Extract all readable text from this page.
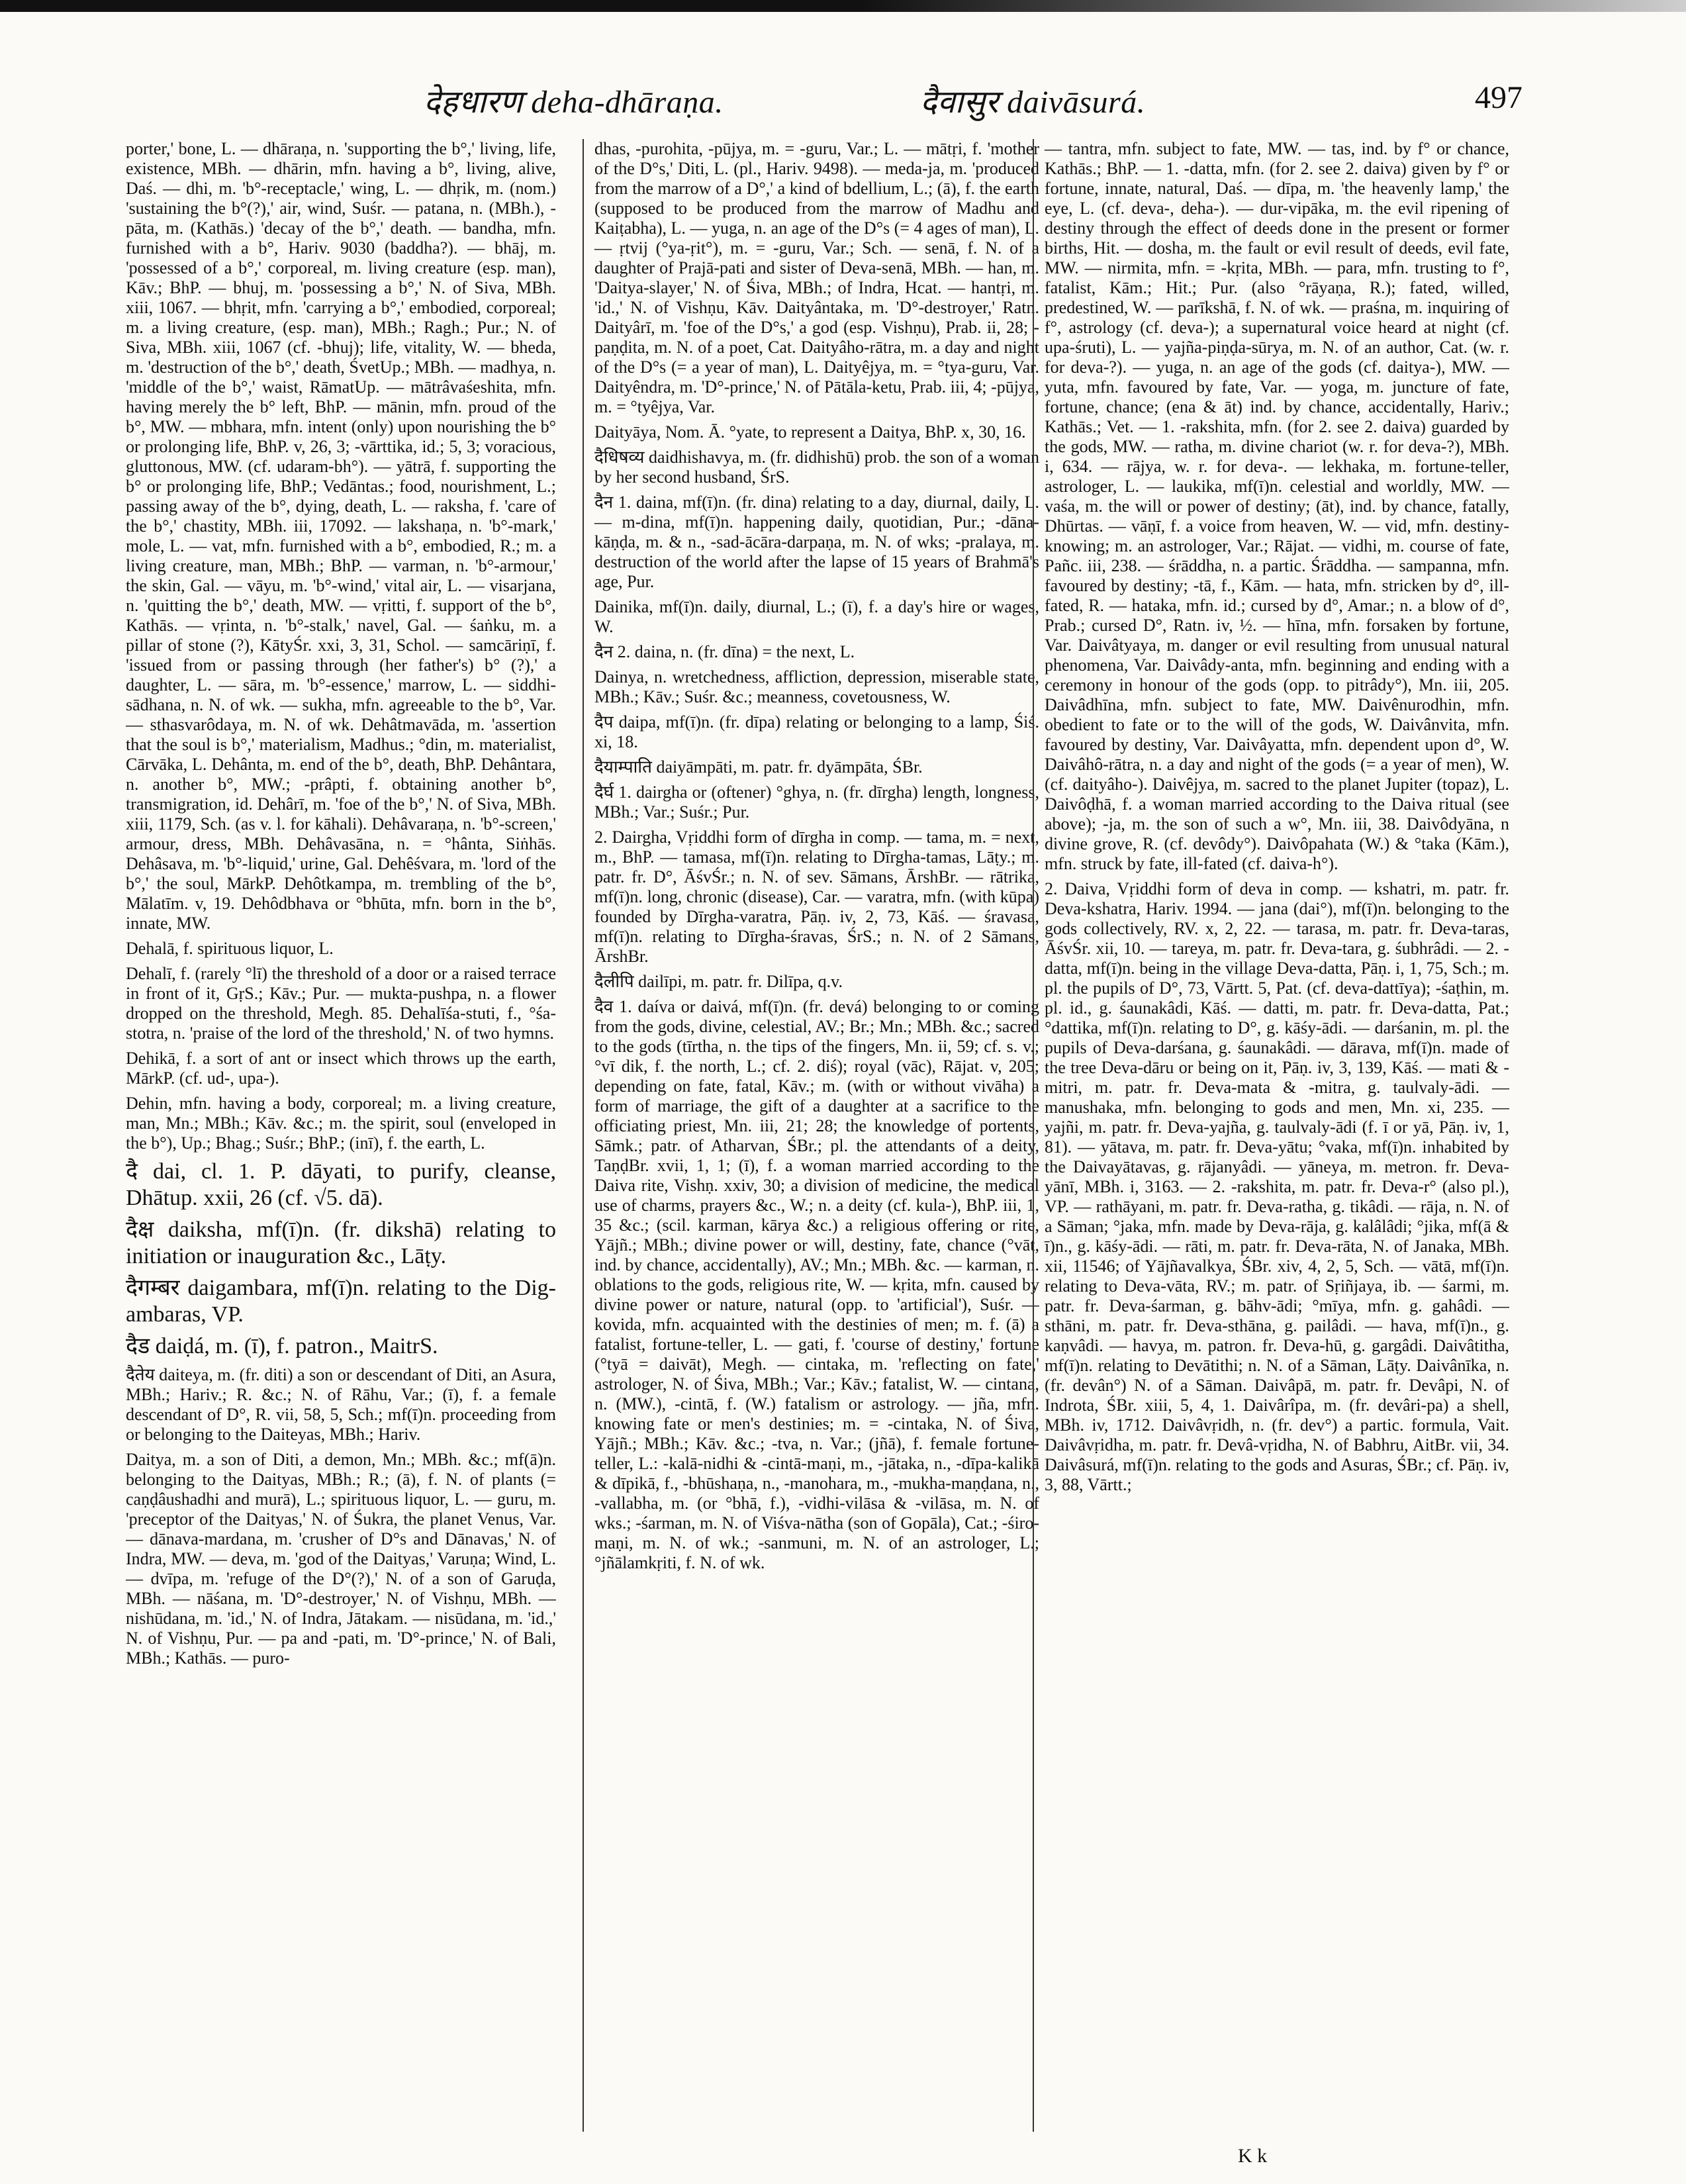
देहधारण deha-dhāraṇa.	दैवासुर daivāsurá.	497

porter,' bone, L. — dhāraṇa, n. 'supporting the b°,' living, life, existence, MBh. — dhārin, mfn. having a b°, living, alive, Daś. — dhi, m. 'b°-receptacle,' wing, L. — dhṛik, m. (nom.) 'sustaining the b°(?),' air, wind, Suśr. — patana, n. (MBh.), -pāta, m. (Kathās.) 'decay of the b°,' death. — bandha, mfn. furnished with a b°, Hariv. 9030 (baddha?). — bhāj, m. 'possessed of a b°,' corporeal, m. living creature (esp. man), Kāv.; BhP. — bhuj, m. 'possessing a b°,' N. of Siva, MBh. xiii, 1067. — bhṛit, mfn. 'carrying a b°,' embodied, corporeal; m. a living creature, (esp. man), MBh.; Ragh.; Pur.; N. of Siva, MBh. xiii, 1067 (cf. -bhuj); life, vitality, W. — bheda, m. 'destruction of the b°,' death, ŚvetUp.; MBh. — madhya, n. 'middle of the b°,' waist, RāmatUp. — mātrâvaśeshita, mfn. having merely the b° left, BhP. — mānin, mfn. proud of the b°, MW. — mbhara, mfn. intent (only) upon nourishing the b° or prolonging life, BhP. v, 26, 3; -vārttika, id.; 5, 3; voracious, gluttonous, MW. (cf. udaram-bh°). — yātrā, f. supporting the b° or prolonging life, BhP.; Vedāntas.; food, nourishment, L.; passing away of the b°, dying, death, L. — raksha, f. 'care of the b°,' chastity, MBh. iii, 17092. — lakshaṇa, n. 'b°-mark,' mole, L. — vat, mfn. furnished with a b°, embodied, R.; m. a living creature, man, MBh.; BhP. — varman, n. 'b°-armour,' the skin, Gal. — vāyu, m. 'b°-wind,' vital air, L. — visarjana, n. 'quitting the b°,' death, MW. — vṛitti, f. support of the b°, Kathās. — vṛinta, n. 'b°-stalk,' navel, Gal. — śaṅku, m. a pillar of stone (?), KātyŚr. xxi, 3, 31, Schol. — samcāriṇī, f. 'issued from or passing through (her father's) b° (?),' a daughter, L. — sāra, m. 'b°-essence,' marrow, L. — siddhi-sādhana, n. N. of wk. — sukha, mfn. agreeable to the b°, Var. — sthasvarôdaya, m. N. of wk. Dehâtmavāda, m. 'assertion that the soul is b°,' materialism, Madhus.; °din, m. materialist, Cārvāka, L. Dehânta, m. end of the b°, death, BhP. Dehântara, n. another b°, MW.; -prâpti, f. obtaining another b°, transmigration, id. Dehârī, m. 'foe of the b°,' N. of Siva, MBh. xiii, 1179, Sch. (as v. l. for kāhali). Dehâvaraṇa, n. 'b°-screen,' armour, dress, MBh. Dehâvasāna, n. = °hânta, Siṅhās. Dehâsava, m. 'b°-liquid,' urine, Gal. Dehêśvara, m. 'lord of the b°,' the soul, MārkP. Dehôtkampa, m. trembling of the b°, Mālatīm. v, 19. Dehôdbhava or °bhūta, mfn. born in the b°, innate, MW.

Dehalā, f. spirituous liquor, L.

Dehalī, f. (rarely °lī) the threshold of a door or a raised terrace in front of it, GṛS.; Kāv.; Pur. — mukta-pushpa, n. a flower dropped on the threshold, Megh. 85. Dehalīśa-stuti, f., °śa-stotra, n. 'praise of the lord of the threshold,' N. of two hymns.

Dehikā, f. a sort of ant or insect which throws up the earth, MārkP. (cf. ud-, upa-).

Dehin, mfn. having a body, corporeal; m. a living creature, man, Mn.; MBh.; Kāv. &c.; m. the spirit, soul (enveloped in the b°), Up.; Bhag.; Suśr.; BhP.; (inī), f. the earth, L.

दै dai, cl. 1. P. dāyati, to purify, cleanse, Dhātup. xxii, 26 (cf. √5. dā).

दैक्ष daiksha, mf(ī)n. (fr. dikshā) relating to initiation or inauguration &c., Lāṭy.

दैगम्बर daigambara, mf(ī)n. relating to the Dig-ambaras, VP.

दैड daiḍá, m. (ī), f. patron., MaitrS.

दैतेय daiteya, m. (fr. diti) a son or descendant of Diti, an Asura, MBh.; Hariv.; R. &c.; N. of Rāhu, Var.; (ī), f. a female descendant of D°, R. vii, 58, 5, Sch.; mf(ī)n. proceeding from or belonging to the Daiteyas, MBh.; Hariv.

Daitya, m. a son of Diti, a demon, Mn.; MBh. &c.; mf(ā)n. belonging to the Daityas, MBh.; R.; (ā), f. N. of plants (= caṇḍâushadhi and murā), L.; spirituous liquor, L. — guru, m. 'preceptor of the Daityas,' N. of Śukra, the planet Venus, Var. — dānava-mardana, m. 'crusher of D°s and Dānavas,' N. of Indra, MW. — deva, m. 'god of the Daityas,' Varuṇa; Wind, L. — dvīpa, m. 'refuge of the D°(?),' N. of a son of Garuḍa, MBh. — nāśana, m. 'D°-destroyer,' N. of Vishṇu, MBh. — nishūdana, m. 'id.,' N. of Indra, Jātakam. — nisūdana, m. 'id.,' N. of Vishṇu, Pur. — pa and -pati, m. 'D°-prince,' N. of Bali, MBh.; Kathās. — puro-

dhas, -purohita, -pūjya, m. = -guru, Var.; L. — mātṛi, f. 'mother of the D°s,' Diti, L. (pl., Hariv. 9498). — meda-ja, m. 'produced from the marrow of a D°,' a kind of bdellium, L.; (ā), f. the earth (supposed to be produced from the marrow of Madhu and Kaiṭabha), L. — yuga, n. an age of the D°s (= 4 ages of man), L. — ṛtvij (°ya-ṛit°), m. = -guru, Var.; Sch. — senā, f. N. of a daughter of Prajā-pati and sister of Deva-senā, MBh. — han, m. 'Daitya-slayer,' N. of Śiva, MBh.; of Indra, Hcat. — hantṛi, m. 'id.,' N. of Vishṇu, Kāv. Daityântaka, m. 'D°-destroyer,' Ratn. Daityârī, m. 'foe of the D°s,' a god (esp. Vishṇu), Prab. ii, 28; -paṇḍita, m. N. of a poet, Cat. Daityâho-rātra, m. a day and night of the D°s (= a year of man), L. Daityêjya, m. = °tya-guru, Var. Daityêndra, m. 'D°-prince,' N. of Pātāla-ketu, Prab. iii, 4; -pūjya, m. = °tyêjya, Var.

Daityāya, Nom. Ā. °yate, to represent a Daitya, BhP. x, 30, 16.

दैधिषव्य daidhishavya, m. (fr. didhishū) prob. the son of a woman by her second husband, ŚrS.

दैन 1. daina, mf(ī)n. (fr. dina) relating to a day, diurnal, daily, L. — m-dina, mf(ī)n. happening daily, quotidian, Pur.; -dāna-kāṇḍa, m. & n., -sad-ācāra-darpaṇa, m. N. of wks; -pralaya, m. destruction of the world after the lapse of 15 years of Brahmā's age, Pur.

Dainika, mf(ī)n. daily, diurnal, L.; (ī), f. a day's hire or wages, W.

दैन 2. daina, n. (fr. dīna) = the next, L.

Dainya, n. wretchedness, affliction, depression, miserable state, MBh.; Kāv.; Suśr. &c.; meanness, covetousness, W.

दैप daipa, mf(ī)n. (fr. dīpa) relating or belonging to a lamp, Śiś. xi, 18.

दैयाम्पाति daiyāmpāti, m. patr. fr. dyāmpāta, ŚBr.

दैर्घ 1. dairgha or (oftener) °ghya, n. (fr. dīrgha) length, longness, MBh.; Var.; Suśr.; Pur.

2. Dairgha, Vṛiddhi form of dīrgha in comp. — tama, m. = next, m., BhP. — tamasa, mf(ī)n. relating to Dīrgha-tamas, Lāṭy.; m. patr. fr. D°, ĀśvŚr.; n. N. of sev. Sāmans, ĀrshBr. — rātrika, mf(ī)n. long, chronic (disease), Car. — varatra, mfn. (with kūpa) founded by Dīrgha-varatra, Pāṇ. iv, 2, 73, Kāś. — śravasa, mf(ī)n. relating to Dīrgha-śravas, ŚrS.; n. N. of 2 Sāmans, ĀrshBr.

दैलीपि dailīpi, m. patr. fr. Dilīpa, q.v.

दैव 1. daíva or daivá, mf(ī)n. (fr. devá) belonging to or coming from the gods, divine, celestial, AV.; Br.; Mn.; MBh. &c.; sacred to the gods (tīrtha, n. the tips of the fingers, Mn. ii, 59; cf. s. v.; °vī dik, f. the north, L.; cf. 2. diś); royal (vāc), Rājat. v, 205; depending on fate, fatal, Kāv.; m. (with or without vivāha) a form of marriage, the gift of a daughter at a sacrifice to the officiating priest, Mn. iii, 21; 28; the knowledge of portents, Sāmk.; patr. of Atharvan, ŚBr.; pl. the attendants of a deity, TaṇḍBr. xvii, 1, 1; (ī), f. a woman married according to the Daiva rite, Vishṇ. xxiv, 30; a division of medicine, the medical use of charms, prayers &c., W.; n. a deity (cf. kula-), BhP. iii, 1, 35 &c.; (scil. karman, kārya &c.) a religious offering or rite, Yājñ.; MBh.; divine power or will, destiny, fate, chance (°vāt, ind. by chance, accidentally), AV.; Mn.; MBh. &c. — karman, n. oblations to the gods, religious rite, W. — kṛita, mfn. caused by divine power or nature, natural (opp. to 'artificial'), Suśr. — kovida, mfn. acquainted with the destinies of men; m. f. (ā) a fatalist, fortune-teller, L. — gati, f. 'course of destiny,' fortune (°tyā = daivāt), Megh. — cintaka, m. 'reflecting on fate,' astrologer, N. of Śiva, MBh.; Var.; Kāv.; fatalist, W. — cintana, n. (MW.), -cintā, f. (W.) fatalism or astrology. — jña, mfn. knowing fate or men's destinies; m. = -cintaka, N. of Śiva, Yājñ.; MBh.; Kāv. &c.; -tva, n. Var.; (jñā), f. female fortune-teller, L.: -kalā-nidhi & -cintā-maṇi, m., -jātaka, n., -dīpa-kalikā & dīpikā, f., -bhūshaṇa, n., -manohara, m., -mukha-maṇḍana, n., -vallabha, m. (or °bhā, f.), -vidhi-vilāsa & -vilāsa, m. N. of wks.; -śarman, m. N. of Viśva-nātha (son of Gopāla), Cat.; -śiro-maṇi, m. N. of wk.; -sanmuni, m. N. of an astrologer, L.; °jñālamkṛiti, f. N. of wk.

— tantra, mfn. subject to fate, MW. — tas, ind. by f° or chance, Kathās.; BhP. — 1. -datta, mfn. (for 2. see 2. daiva) given by f° or fortune, innate, natural, Daś. — dīpa, m. 'the heavenly lamp,' the eye, L. (cf. deva-, deha-). — dur-vipāka, m. the evil ripening of destiny through the effect of deeds done in the present or former births, Hit. — dosha, m. the fault or evil result of deeds, evil fate, MW. — nirmita, mfn. = -kṛita, MBh. — para, mfn. trusting to f°, fatalist, Kām.; Hit.; Pur. (also °rāyaṇa, R.); fated, willed, predestined, W. — parīkshā, f. N. of wk. — praśna, m. inquiring of f°, astrology (cf. deva-); a supernatural voice heard at night (cf. upa-śruti), L. — yajña-piṇḍa-sūrya, m. N. of an author, Cat. (w. r. for deva-?). — yuga, n. an age of the gods (cf. daitya-), MW. — yuta, mfn. favoured by fate, Var. — yoga, m. juncture of fate, fortune, chance; (ena & āt) ind. by chance, accidentally, Hariv.; Kathās.; Vet. — 1. -rakshita, mfn. (for 2. see 2. daiva) guarded by the gods, MW. — ratha, m. divine chariot (w. r. for deva-?), MBh. i, 634. — rājya, w. r. for deva-. — lekhaka, m. fortune-teller, astrologer, L. — laukika, mf(ī)n. celestial and worldly, MW. — vaśa, m. the will or power of destiny; (āt), ind. by chance, fatally, Dhūrtas. — vāṇī, f. a voice from heaven, W. — vid, mfn. destiny-knowing; m. an astrologer, Var.; Rājat. — vidhi, m. course of fate, Pañc. iii, 238. — śrāddha, n. a partic. Śrāddha. — sampanna, mfn. favoured by destiny; -tā, f., Kām. — hata, mfn. stricken by d°, ill-fated, R. — hataka, mfn. id.; cursed by d°, Amar.; n. a blow of d°, Prab.; cursed D°, Ratn. iv, ½. — hīna, mfn. forsaken by fortune, Var. Daivâtyaya, m. danger or evil resulting from unusual natural phenomena, Var. Daivâdy-anta, mfn. beginning and ending with a ceremony in honour of the gods (opp. to pitrâdy°), Mn. iii, 205. Daivâdhīna, mfn. subject to fate, MW. Daivênurodhin, mfn. obedient to fate or to the will of the gods, W. Daivânvita, mfn. favoured by destiny, Var. Daivâyatta, mfn. dependent upon d°, W. Daivâhô-rātra, n. a day and night of the gods (= a year of men), W. (cf. daityâho-). Daivêjya, m. sacred to the planet Jupiter (topaz), L. Daivôḍhā, f. a woman married according to the Daiva ritual (see above); -ja, m. the son of such a w°, Mn. iii, 38. Daivôdyāna, n divine grove, R. (cf. devôdy°). Daivôpahata (W.) & °taka (Kām.), mfn. struck by fate, ill-fated (cf. daiva-h°).

2. Daiva, Vṛiddhi form of deva in comp. — kshatri, m. patr. fr. Deva-kshatra, Hariv. 1994. — jana (dai°), mf(ī)n. belonging to the gods collectively, RV. x, 2, 22. — tarasa, m. patr. fr. Deva-taras, ĀśvŚr. xii, 10. — tareya, m. patr. fr. Deva-tara, g. śubhrâdi. — 2. -datta, mf(ī)n. being in the village Deva-datta, Pāṇ. i, 1, 75, Sch.; m. pl. the pupils of D°, 73, Vārtt. 5, Pat. (cf. deva-dattīya); -śaṭhin, m. pl. id., g. śaunakâdi, Kāś. — datti, m. patr. fr. Deva-datta, Pat.; °dattika, mf(ī)n. relating to D°, g. kāśy-ādi. — darśanin, m. pl. the pupils of Deva-darśana, g. śaunakâdi. — dārava, mf(ī)n. made of the tree Deva-dāru or being on it, Pāṇ. iv, 3, 139, Kāś. — mati & -mitri, m. patr. fr. Deva-mata & -mitra, g. taulvaly-ādi. — manushaka, mfn. belonging to gods and men, Mn. xi, 235. — yajñi, m. patr. fr. Deva-yajña, g. taulvaly-ādi (f. ī or yā, Pāṇ. iv, 1, 81). — yātava, m. patr. fr. Deva-yātu; °vaka, mf(ī)n. inhabited by the Daivayātavas, g. rājanyâdi. — yāneya, m. metron. fr. Deva-yānī, MBh. i, 3163. — 2. -rakshita, m. patr. fr. Deva-r° (also pl.), VP. — rathāyani, m. patr. fr. Deva-ratha, g. tikâdi. — rāja, n. N. of a Sāman; °jaka, mfn. made by Deva-rāja, g. kalâlâdi; °jika, mf(ā & ī)n., g. kāśy-ādi. — rāti, m. patr. fr. Deva-rāta, N. of Janaka, MBh. xii, 11546; of Yājñavalkya, ŚBr. xiv, 4, 2, 5, Sch. — vātā, mf(ī)n. relating to Deva-vāta, RV.; m. patr. of Sṛiñjaya, ib. — śarmi, m. patr. fr. Deva-śarman, g. bāhv-ādi; °mīya, mfn. g. gahâdi. — sthāni, m. patr. fr. Deva-sthāna, g. pailâdi. — hava, mf(ī)n., g. kaṇvâdi. — havya, m. patron. fr. Deva-hū, g. gargâdi. Daivâtitha, mf(ī)n. relating to Devātithi; n. N. of a Sāman, Lāṭy. Daivânīka, n. (fr. devân°) N. of a Sāman. Daivâpā, m. patr. fr. Devâpi, N. of Indrota, ŚBr. xiii, 5, 4, 1. Daivârîpa, m. (fr. devâri-pa) a shell, MBh. iv, 1712. Daivâvṛidh, n. (fr. dev°) a partic. formula, Vait. Daivâvṛidha, m. patr. fr. Devâ-vṛidha, N. of Babhru, AitBr. vii, 34. Daivâsurá, mf(ī)n. relating to the gods and Asuras, ŚBr.; cf. Pāṇ. iv, 3, 88, Vārtt.;

K k
